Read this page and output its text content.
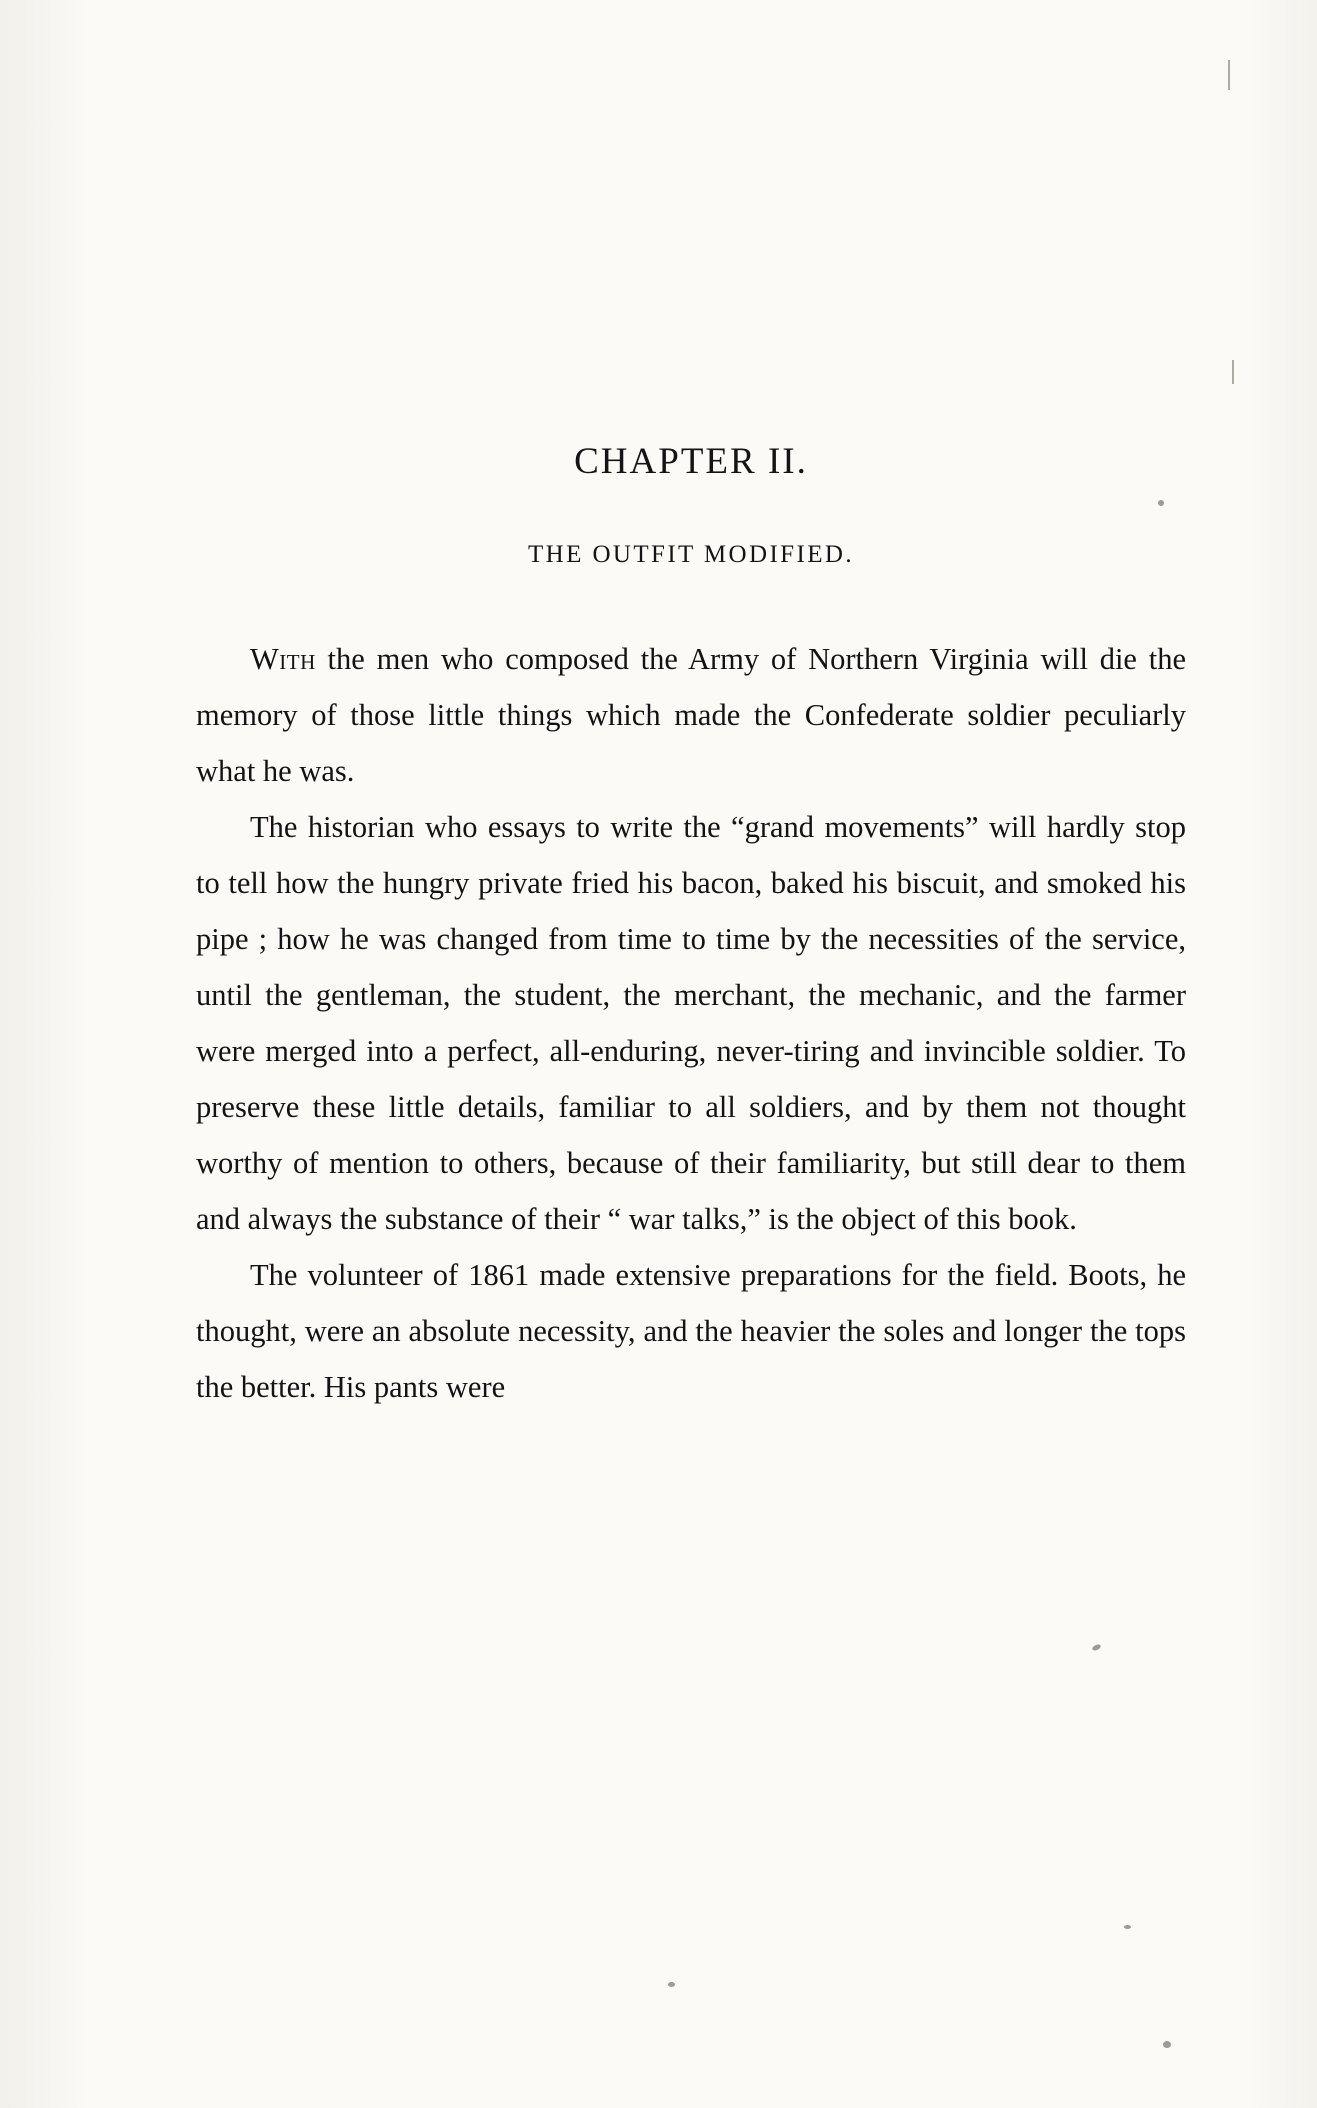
CHAPTER II.
THE OUTFIT MODIFIED.

With the men who composed the Army of Northern Virginia will die the memory of those little things which made the Confederate soldier peculiarly what he was.

The historian who essays to write the “grand movements” will hardly stop to tell how the hungry private fried his bacon, baked his biscuit, and smoked his pipe ; how he was changed from time to time by the necessities of the service, until the gentleman, the student, the merchant, the mechanic, and the farmer were merged into a perfect, all-enduring, never-tiring and invincible soldier. To preserve these little details, familiar to all soldiers, and by them not thought worthy of mention to others, because of their familiarity, but still dear to them and always the substance of their “ war talks,” is the object of this book.

The volunteer of 1861 made extensive preparations for the field. Boots, he thought, were an absolute necessity, and the heavier the soles and longer the tops the better. His pants were
